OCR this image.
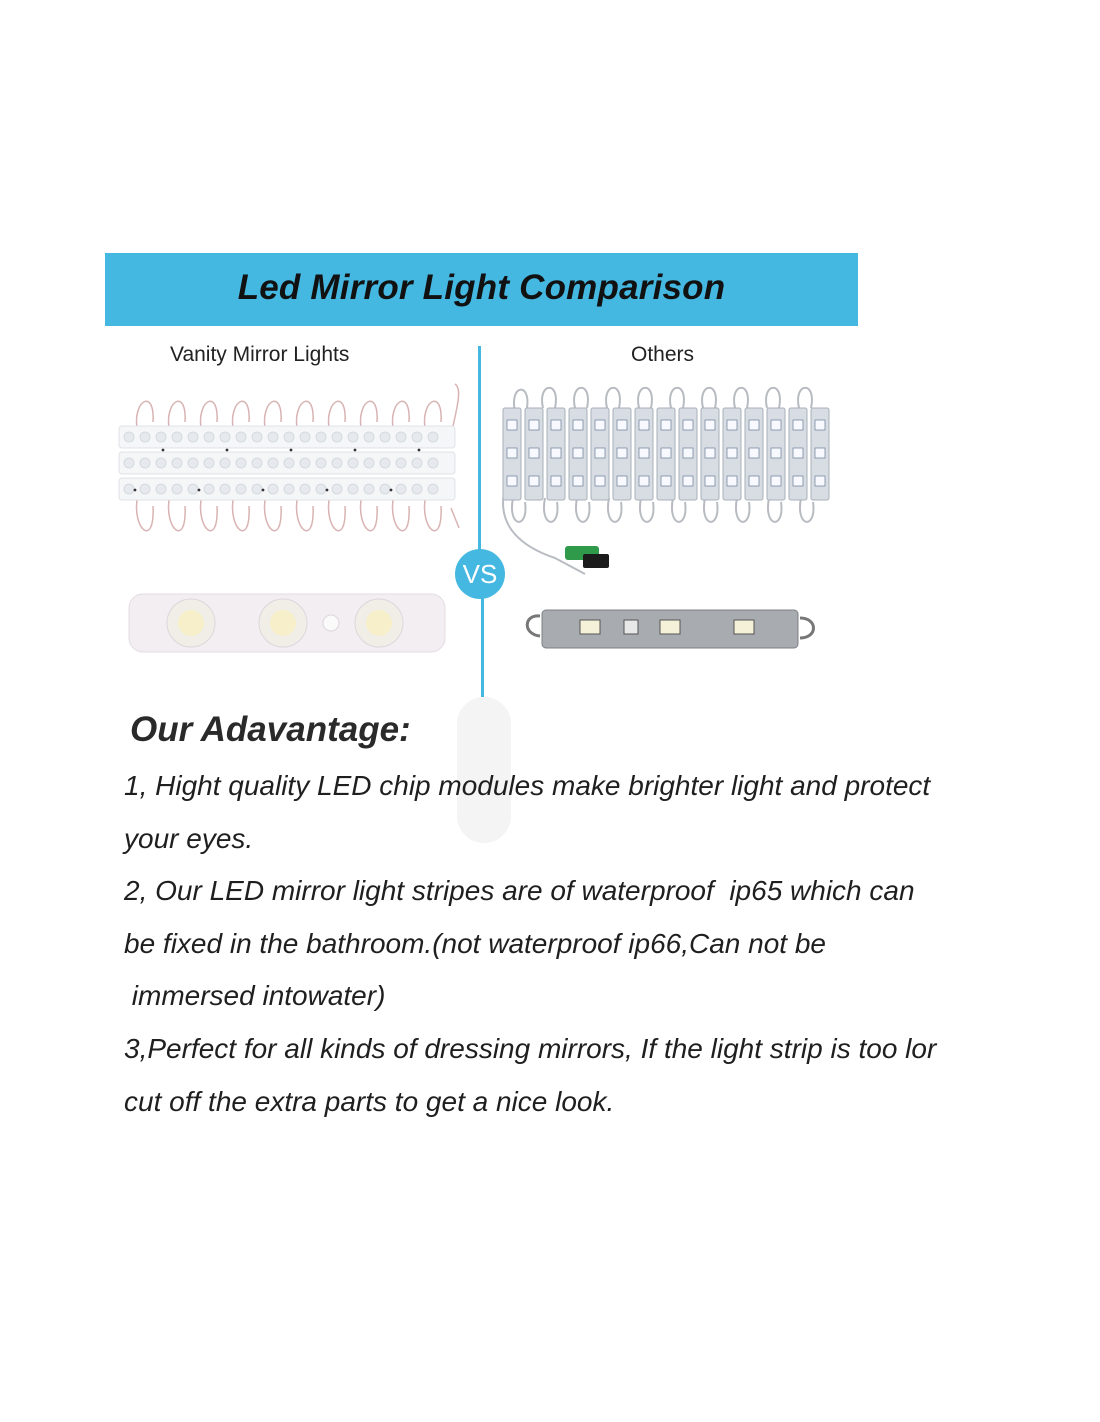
Led Mirror Light Comparison
Vanity Mirror Lights	Others
VS
Our Adavantage:
1, Hight quality LED chip modules make brighter light and protect
your eyes.
2, Our LED mirror light stripes are of waterproof  ip65 which can
be fixed in the bathroom.(not waterproof ip66,Can not be
immersed intowater)
3,Perfect for all kinds of dressing mirrors, If the light strip is too lor
cut off the extra parts to get a nice look.
